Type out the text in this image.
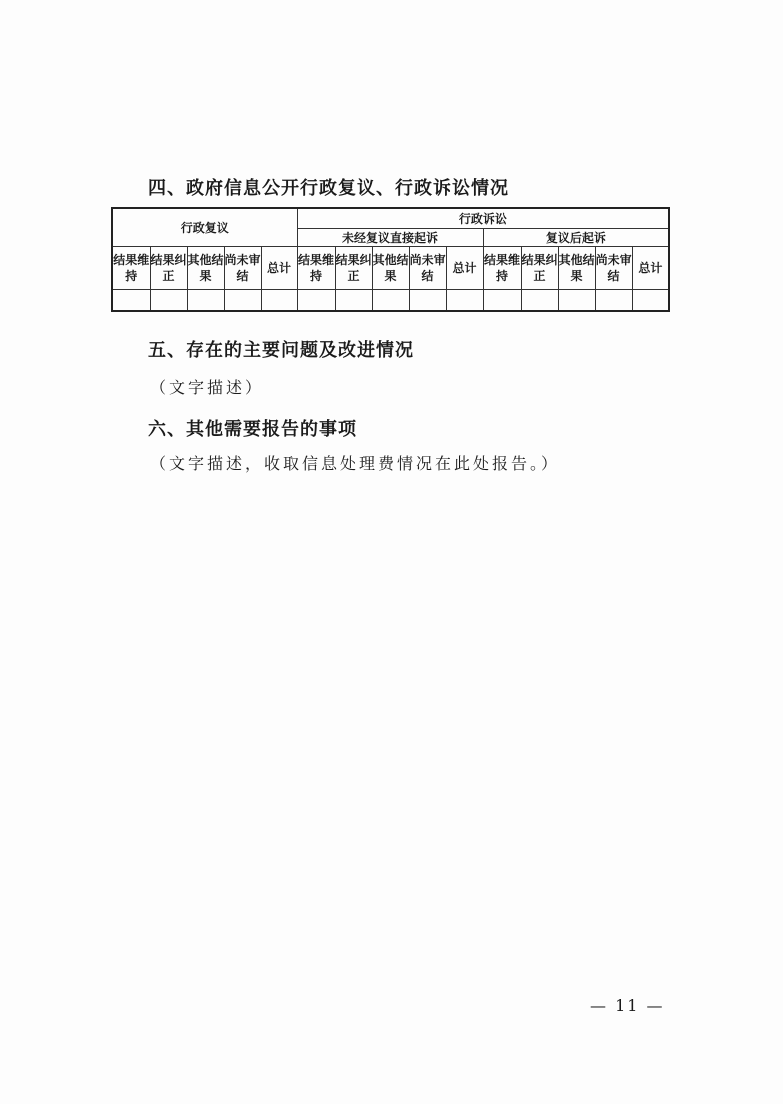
四、政府信息公开行政复议、行政诉讼情况
行政复议					行政诉讼									
					未经复议直接起诉					复议后起诉				
结果维持	结果纠正	其他结果	尚未审结	总计	结果维持	结果纠正	其他结果	尚未审结	总计	结果维持	结果纠正	其他结果	尚未审结	总计

五、存在的主要问题及改进情况
（文字描述）
六、其他需要报告的事项
（文字描述，收取信息处理费情况在此处报告。）
— 11 —
